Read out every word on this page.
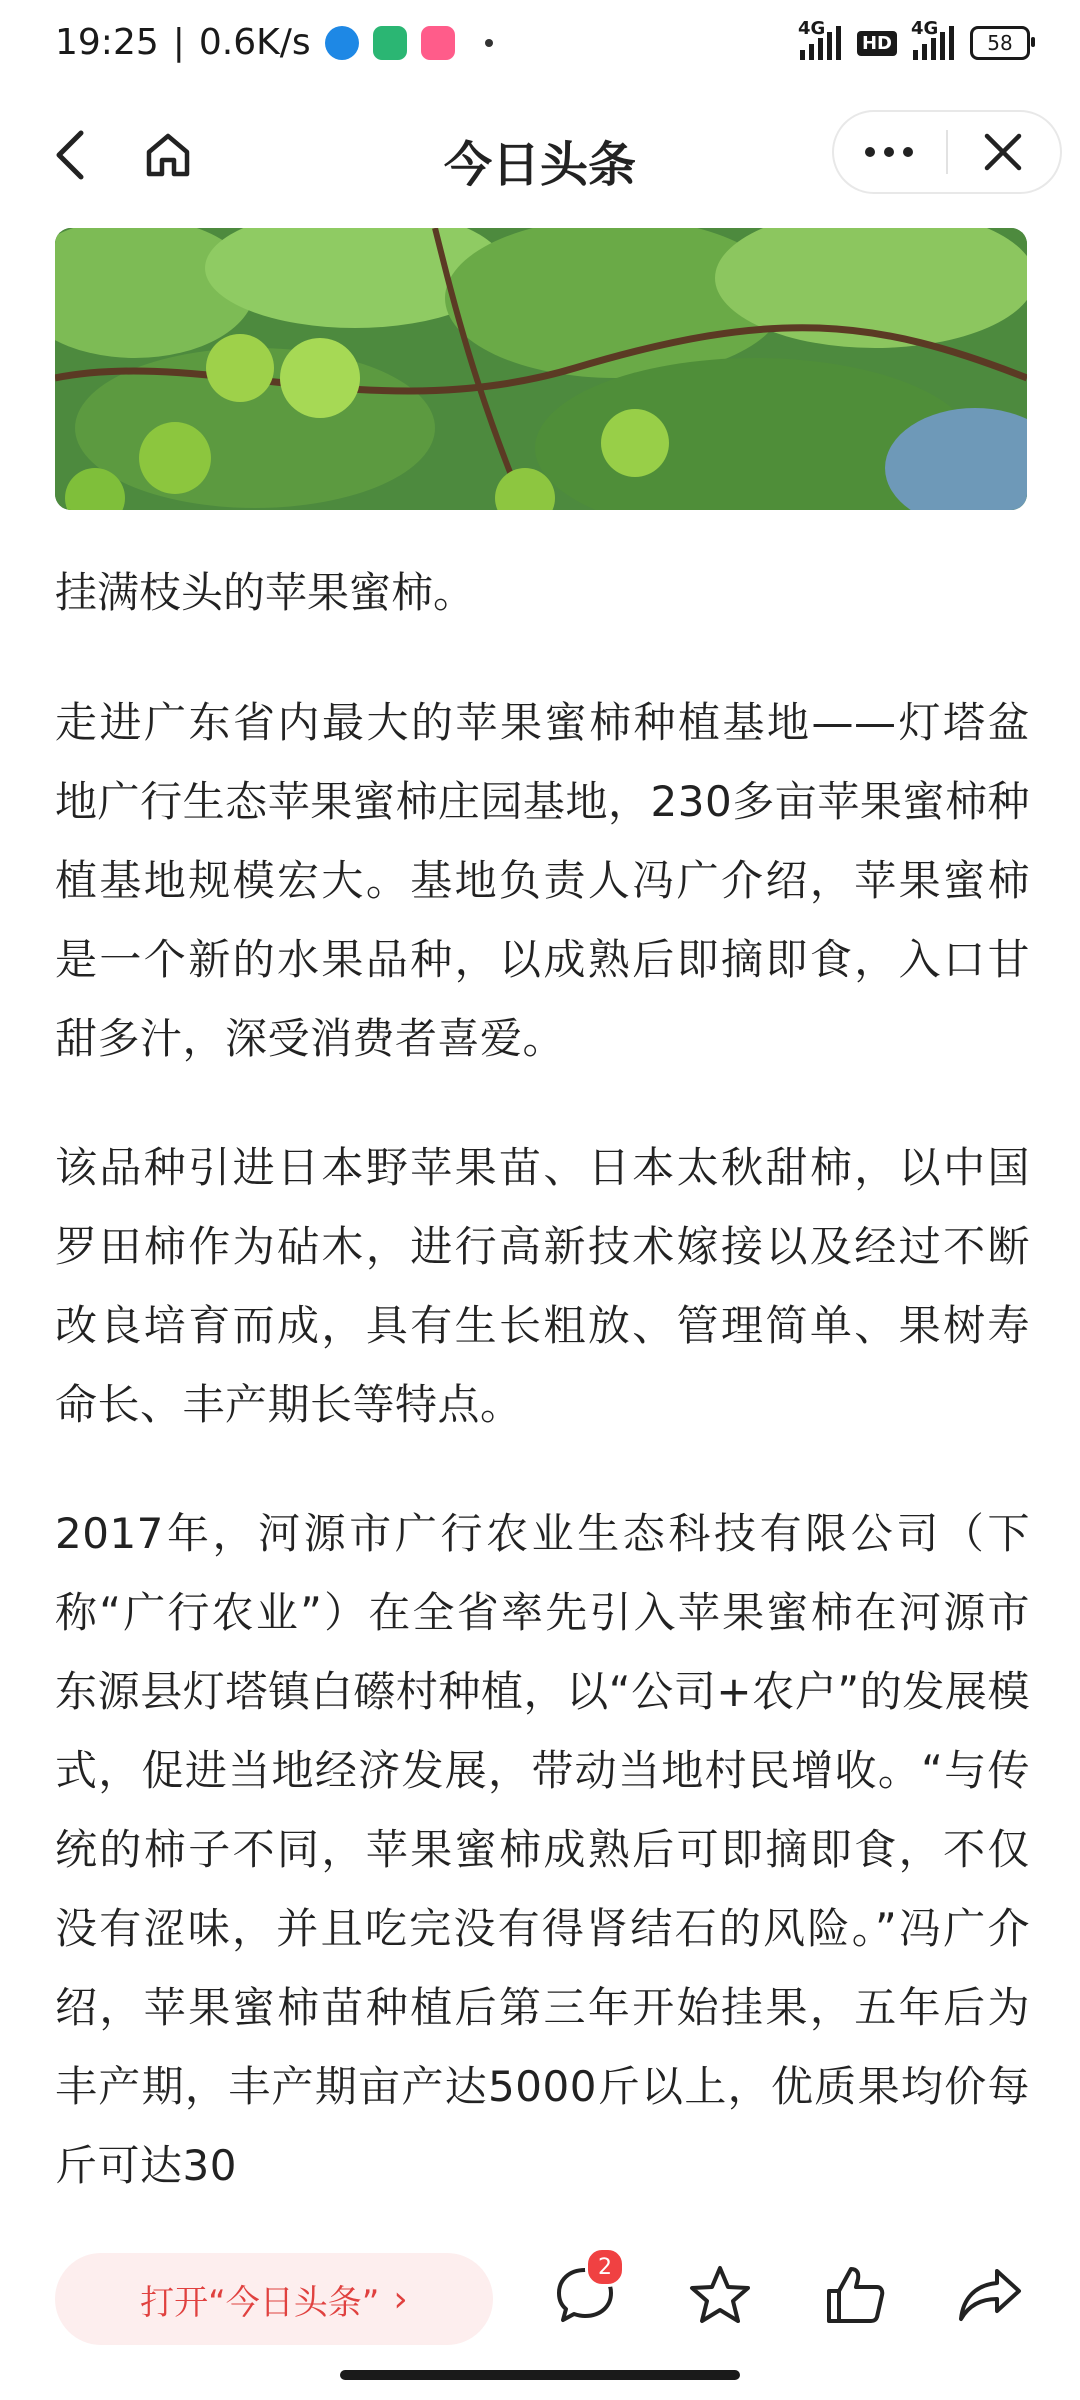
19:25 | 0.6K/s	4G
HD
4G
58
今日头条

挂满枝头的苹果蜜柿。

走进广东省内最大的苹果蜜柿种植基地——灯塔盆地广行生态苹果蜜柿庄园基地，230多亩苹果蜜柿种植基地规模宏大。基地负责人冯广介绍，苹果蜜柿是一个新的水果品种，以成熟后即摘即食，入口甘甜多汁，深受消费者喜爱。

该品种引进日本野苹果苗、日本太秋甜柿，以中国罗田柿作为砧木，进行高新技术嫁接以及经过不断改良培育而成，具有生长粗放、管理简单、果树寿命长、丰产期长等特点。

2017年，河源市广行农业生态科技有限公司（下称“广行农业”）在全省率先引入苹果蜜柿在河源市东源县灯塔镇白礤村种植，以“公司+农户”的发展模式，促进当地经济发展，带动当地村民增收。“与传统的柿子不同，苹果蜜柿成熟后可即摘即食，不仅没有涩味，并且吃完没有得肾结石的风险。”冯广介绍，苹果蜜柿苗种植后第三年开始挂果，五年后为丰产期，丰产期亩产达5000斤以上，优质果均价每斤可达30

打开“今日头条” ›
2
